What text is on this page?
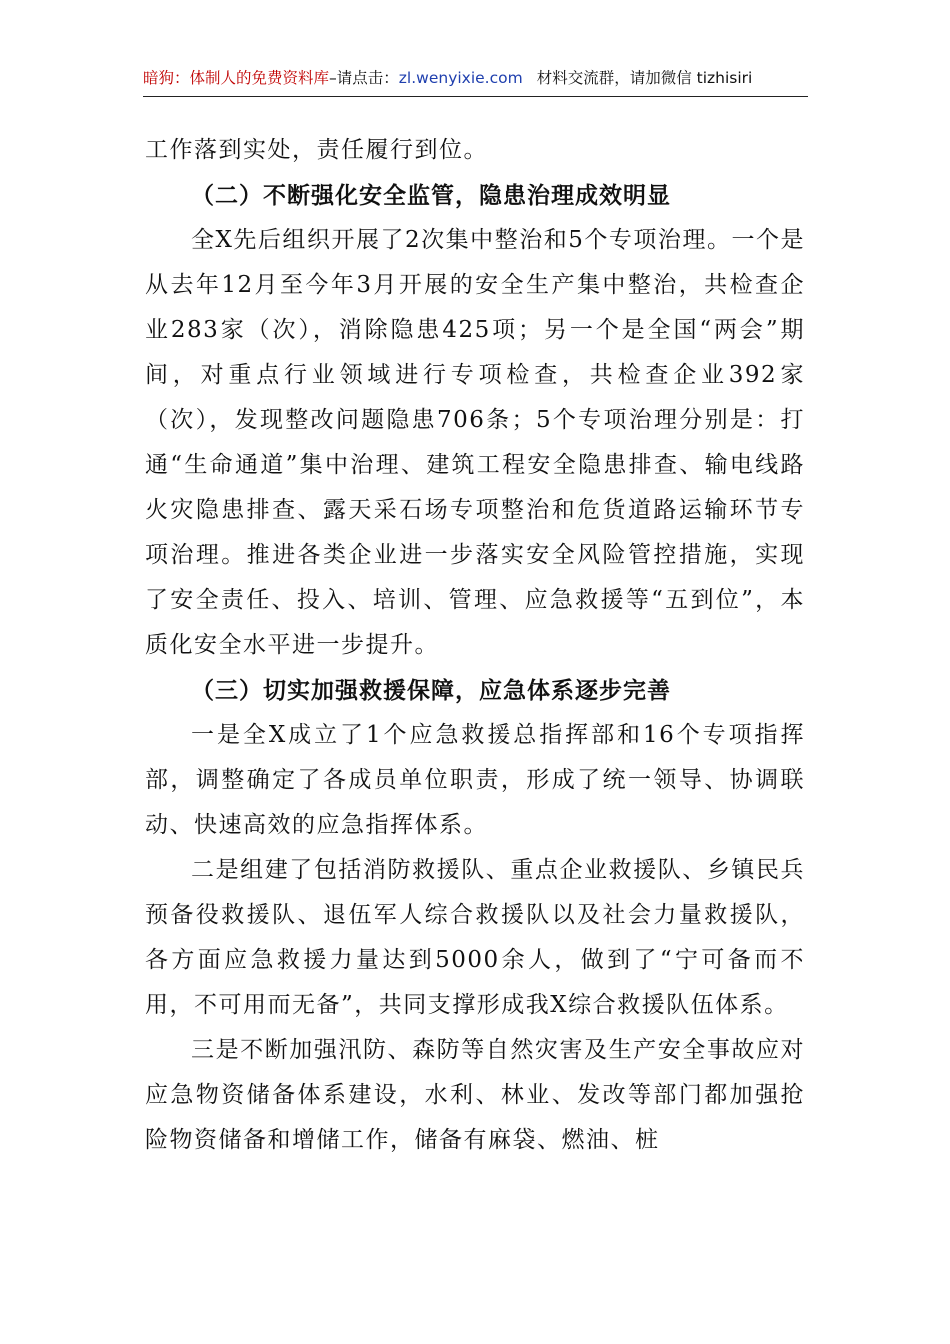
暗狗：体制人的免费资料库–请点击：zl.wenyixie.com 材料交流群，请加微信 tizhisiri

工作落到实处，责任履行到位。

（二）不断强化安全监管，隐患治理成效明显

全X先后组织开展了2次集中整治和5个专项治理。一个是从去年12月至今年3月开展的安全生产集中整治，共检查企业283家（次），消除隐患425项；另一个是全国“两会”期间，对重点行业领域进行专项检查，共检查企业392家（次），发现整改问题隐患706条；5个专项治理分别是：打通“生命通道”集中治理、建筑工程安全隐患排查、输电线路火灾隐患排查、露天采石场专项整治和危货道路运输环节专项治理。推进各类企业进一步落实安全风险管控措施，实现了安全责任、投入、培训、管理、应急救援等“五到位”，本质化安全水平进一步提升。

（三）切实加强救援保障，应急体系逐步完善

一是全X成立了1个应急救援总指挥部和16个专项指挥部，调整确定了各成员单位职责，形成了统一领导、协调联动、快速高效的应急指挥体系。

二是组建了包括消防救援队、重点企业救援队、乡镇民兵预备役救援队、退伍军人综合救援队以及社会力量救援队，各方面应急救援力量达到5000余人，做到了“宁可备而不用，不可用而无备”，共同支撑形成我X综合救援队伍体系。

三是不断加强汛防、森防等自然灾害及生产安全事故应对应急物资储备体系建设，水利、林业、发改等部门都加强抢险物资储备和增储工作，储备有麻袋、燃油、桩
